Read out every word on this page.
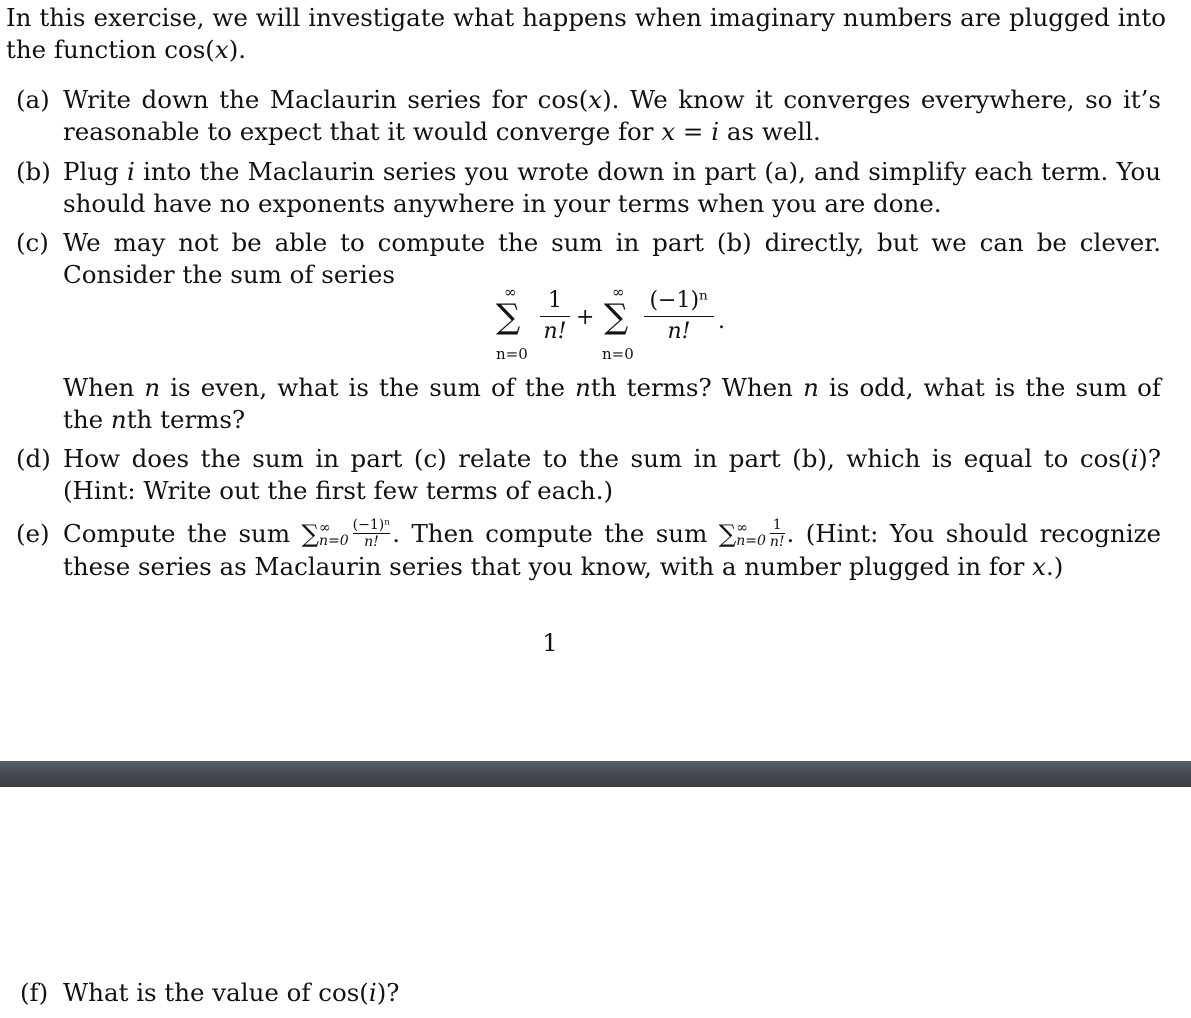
In this exercise, we will investigate what happens when imaginary numbers are plugged into the function cos(x).
(a) Write down the Maclaurin series for cos(x). We know it converges everywhere, so it’s reasonable to expect that it would converge for x = i as well.
(b) Plug i into the Maclaurin series you wrote down in part (a), and simplify each term. You should have no exponents anywhere in your terms when you are done.
(c) We may not be able to compute the sum in part (b) directly, but we can be clever. Consider the sum of series
∞
∑
n=0
1
n!
+
∞
∑
n=0
(−1)ⁿ
n!	.
When n is even, what is the sum of the nth terms? When n is odd, what is the sum of the nth terms?
(d) How does the sum in part (c) relate to the sum in part (b), which is equal to cos(i)? (Hint: Write out the first few terms of each.)
(e) Compute the sum ∑ ∞
$n=0 \frac{\text{(−1)ⁿ}}{n!}$ . Then compute the sum ∑ ∞
$n=0 \frac{1}{n!}$ . (Hint: You should recognize these series as Maclaurin series that you know, with a number plugged in for x.)
1
(f) What is the value of cos(i)?
